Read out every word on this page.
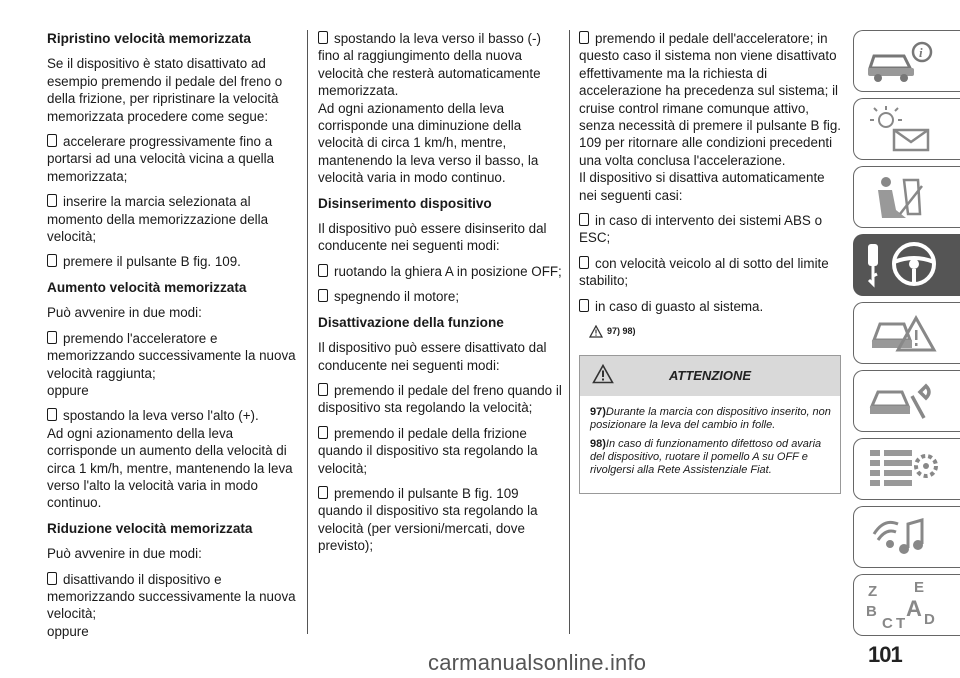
Ripristino velocità memorizzata

Se il dispositivo è stato disattivato ad esempio premendo il pedale del freno o della frizione, per ripristinare la velocità memorizzata procedere come segue:

accelerare progressivamente fino a portarsi ad una velocità vicina a quella memorizzata;

inserire la marcia selezionata al momento della memorizzazione della velocità;

premere il pulsante B fig. 109.

Aumento velocità memorizzata

Può avvenire in due modi:

premendo l'acceleratore e memorizzando successivamente la nuova velocità raggiunta;

oppure

spostando la leva verso l'alto (+).

Ad ogni azionamento della leva corrisponde un aumento della velocità di circa 1 km/h, mentre, mantenendo la leva verso l'alto la velocità varia in modo continuo.

Riduzione velocità memorizzata

Può avvenire in due modi:

disattivando il dispositivo e memorizzando successivamente la nuova velocità;

oppure

spostando la leva verso il basso (-) fino al raggiungimento della nuova velocità che resterà automaticamente memorizzata.

Ad ogni azionamento della leva corrisponde una diminuzione della velocità di circa 1 km/h, mentre, mantenendo la leva verso il basso, la velocità varia in modo continuo.

Disinserimento dispositivo

Il dispositivo può essere disinserito dal conducente nei seguenti modi:

ruotando la ghiera A in posizione OFF;

spegnendo il motore;

Disattivazione della funzione

Il dispositivo può essere disattivato dal conducente nei seguenti modi:

premendo il pedale del freno quando il dispositivo sta regolando la velocità;

premendo il pedale della frizione quando il dispositivo sta regolando la velocità;

premendo il pulsante B fig. 109 quando il dispositivo sta regolando la velocità (per versioni/mercati, dove previsto);

premendo il pedale dell'acceleratore; in questo caso il sistema non viene disattivato effettivamente ma la richiesta di accelerazione ha precedenza sul sistema; il cruise control rimane comunque attivo, senza necessità di premere il pulsante B fig. 109 per ritornare alle condizioni precedenti una volta conclusa l'accelerazione.

Il dispositivo si disattiva automaticamente nei seguenti casi:

in caso di intervento dei sistemi ABS o ESC;

con velocità veicolo al di sotto del limite stabilito;

in caso di guasto al sistema.

97) 98)
ATTENZIONE

97)Durante la marcia con dispositivo inserito, non posizionare la leva del cambio in folle.

98)In caso di funzionamento difettoso od avaria del dispositivo, ruotare il pomello A su OFF e rivolgersi alla Rete Assistenziale Fiat.

i
Z E
B A
C T D
101
carmanualsonline.info
